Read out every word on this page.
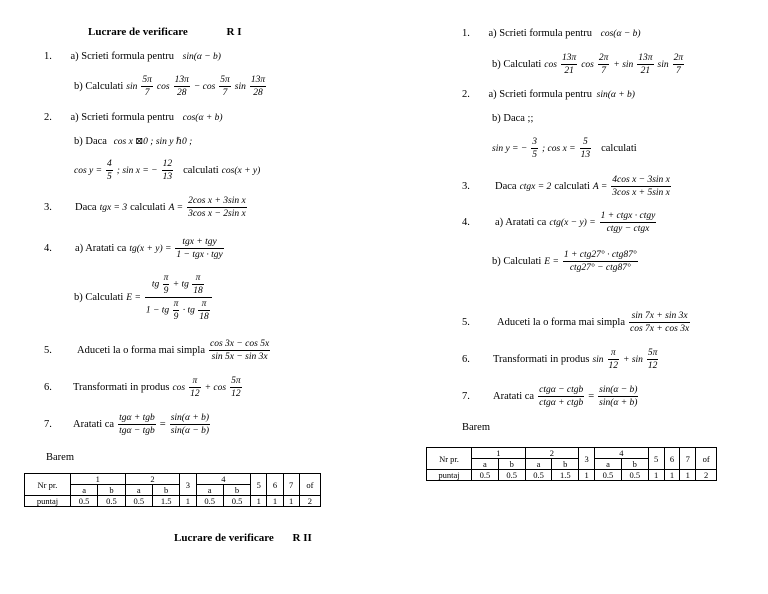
Lucrare de verificare	R I
1. a) Scrieti formula pentru sin(α − b)
b) Calculati $\sin \frac{5\pi}{7}$ $\cos \frac{13\pi}{28} - \cos \frac{5\pi}{7}$ $\sin \frac{13\pi}{28}$
2. a) Scrieti formula pentru cos(α + b)
b) Daca cos x ⊠0 ; sin y ℏ0 ;
$\cos y = \frac{4}{5}$ ; sin x = − $\frac{12}{13}$ calculati cos(x + y)
3.	Daca tgx = 3 calculati $A = \frac{\text{2cos x + 3sin x}}{\text{3cos x − 2sin x}}$
4.	a) Aratati ca $tg(x + y) = \frac{\text{tgx + tgy}}{\text{1 − tgx · tgy}}$
b) Calculati $E = \frac{tg \frac{\pi}{9} + tg \frac{\pi}{18}}{1 - tg \frac{\pi}{9} \cdot tg \frac{\pi}{18}}$
5.	Aduceti la o forma mai simpla $\frac{\cos 3x - \cos 5x}{\sin 5x - \sin 3x}$
6.	Transformati in produs $\cos \frac{\pi}{12} + \cos \frac{5\pi}{12}$
7.	Aratati ca $\frac{\text{tgα + tgb}}{\text{tgα − tgb}} = \frac{\sin(\alpha + b)}{\sin(\alpha - b)}$
Barem
Nr pr.	1		2		3	4		5	6	7	of
	a	b	a	b		a	b				
puntaj	0.5	0.5	0.5	1.5	1	0.5	0.5	1	1	1	2
Lucrare de verificare R II
1. a) Scrieti formula pentru cos(α − b)
b) Calculati $\cos \frac{13\pi}{21}$ $\cos \frac{2\pi}{7} + \sin \frac{13\pi}{21}$ $\sin \frac{2\pi}{7}$
2. a) Scrieti formula pentru sin(α + b)
b) Daca ;;
sin y = − $\frac{3}{5}$ ; $\cos x = \frac{5}{13}$ calculati
3.	Daca ctgx = 2 calculati $A = \frac{\text{4cos x − 3sin x}}{\text{3cos x + 5sin x}}$
4.	a) Aratati ca $ctg(x - y) = \frac{\text{1 + ctgx · ctgy}}{\text{ctgy − ctgx}}$
b) Calculati $E = \frac{\text{1 + ctg27° · ctg87°}}{\text{ctg27° − ctg87°}}$
5.	Aduceti la o forma mai simpla $\frac{\sin 7x + \sin 3x}{\cos 7x + \cos 3x}$
6.	Transformati in produs $\sin \frac{\pi}{12} + \sin \frac{5\pi}{12}$
7.	Aratati ca $\frac{\text{ctgα − ctgb}}{\text{ctgα + ctgb}} = \frac{\sin(\alpha - b)}{\sin(\alpha + b)}$
Barem
Nr pr.	1		2		3	4		5	6	7	of
	a	b	a	b		a	b				
puntaj	0.5	0.5	0.5	1.5	1	0.5	0.5	1	1	1	2
